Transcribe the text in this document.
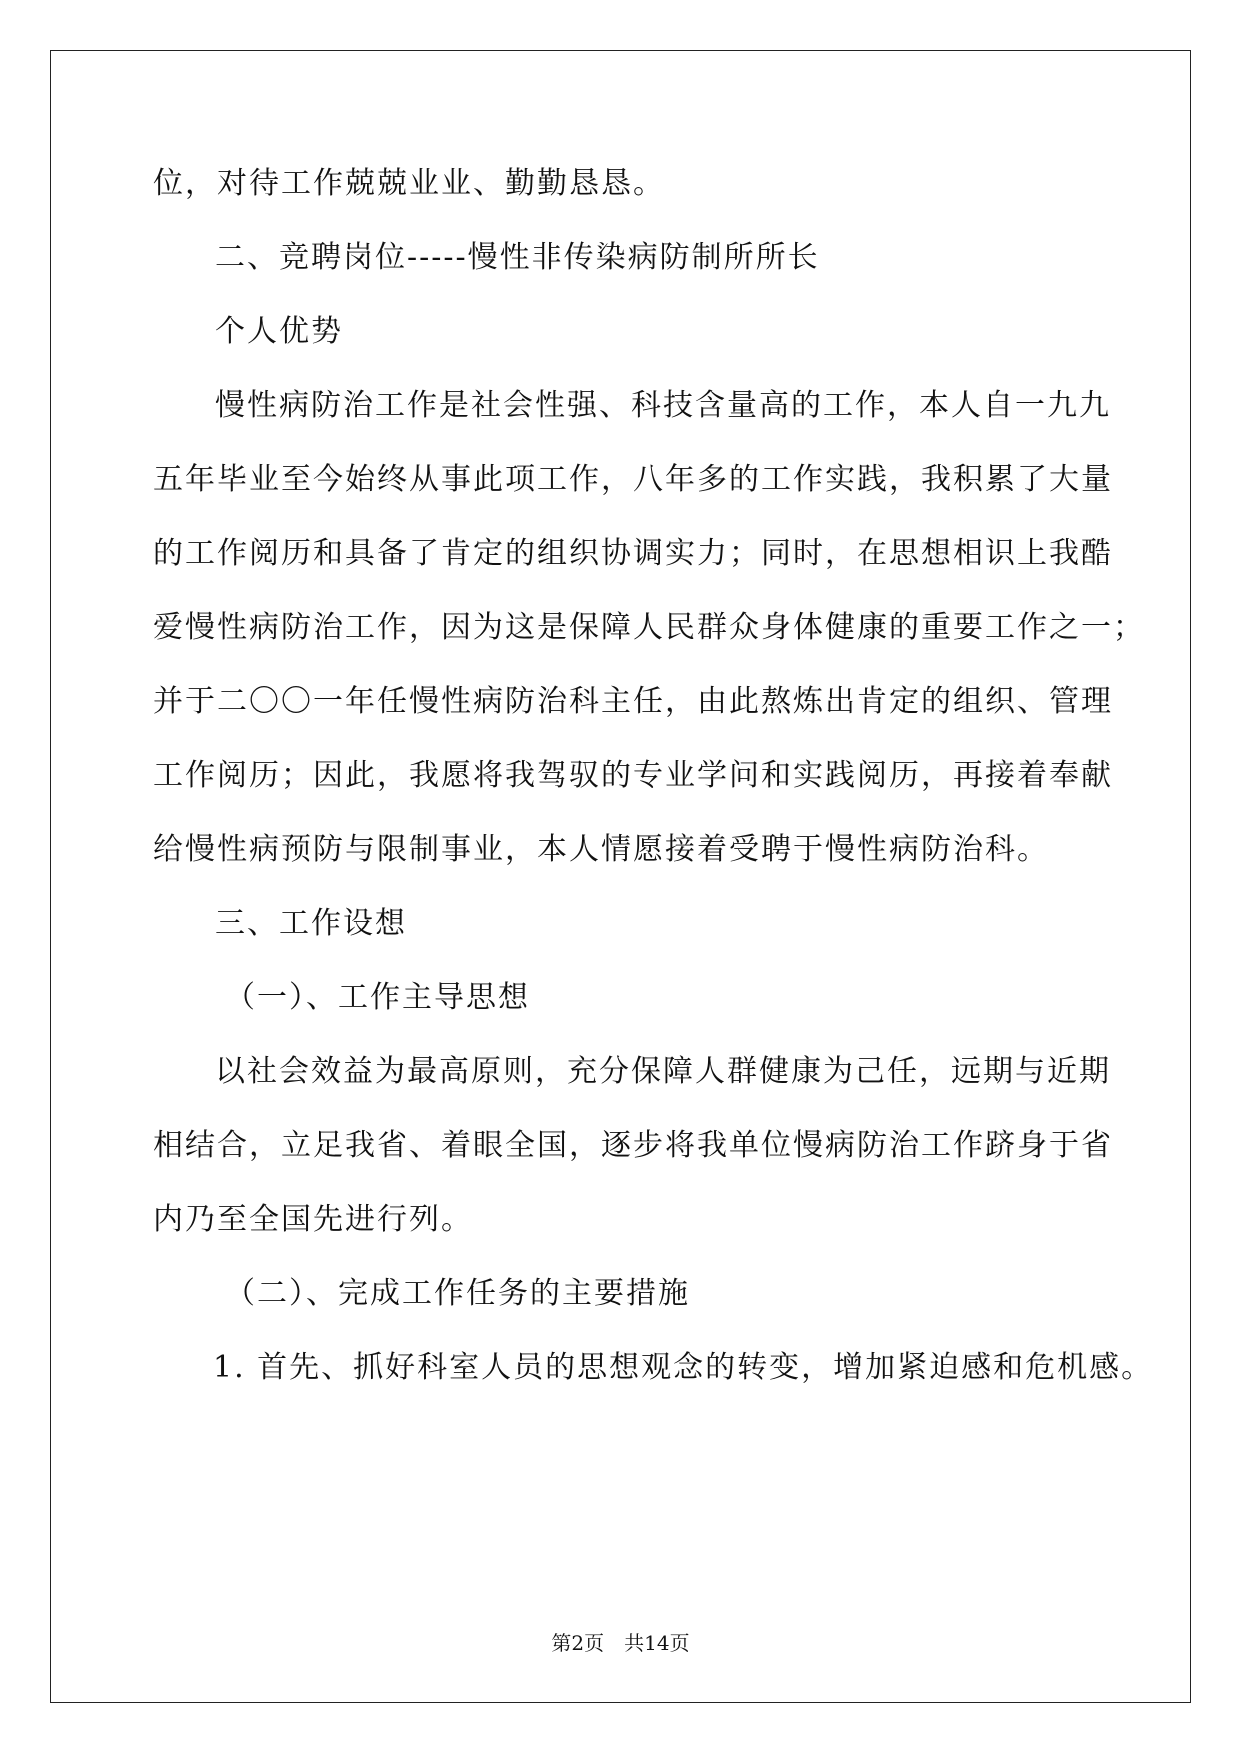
位，对待工作兢兢业业、勤勤恳恳。
二、竞聘岗位-----慢性非传染病防制所所长
个人优势
慢性病防治工作是社会性强、科技含量高的工作，本人自一九九
五年毕业至今始终从事此项工作，八年多的工作实践，我积累了大量
的工作阅历和具备了肯定的组织协调实力；同时，在思想相识上我酷
爱慢性病防治工作，因为这是保障人民群众身体健康的重要工作之一；
并于二〇〇一年任慢性病防治科主任，由此熬炼出肯定的组织、管理
工作阅历；因此，我愿将我驾驭的专业学问和实践阅历，再接着奉献
给慢性病预防与限制事业，本人情愿接着受聘于慢性病防治科。
三、工作设想
（一）、工作主导思想
以社会效益为最高原则，充分保障人群健康为己任，远期与近期
相结合，立足我省、着眼全国，逐步将我单位慢病防治工作跻身于省
内乃至全国先进行列。
（二）、完成工作任务的主要措施
1. 首先、抓好科室人员的思想观念的转变，增加紧迫感和危机感。
第2页　共14页
